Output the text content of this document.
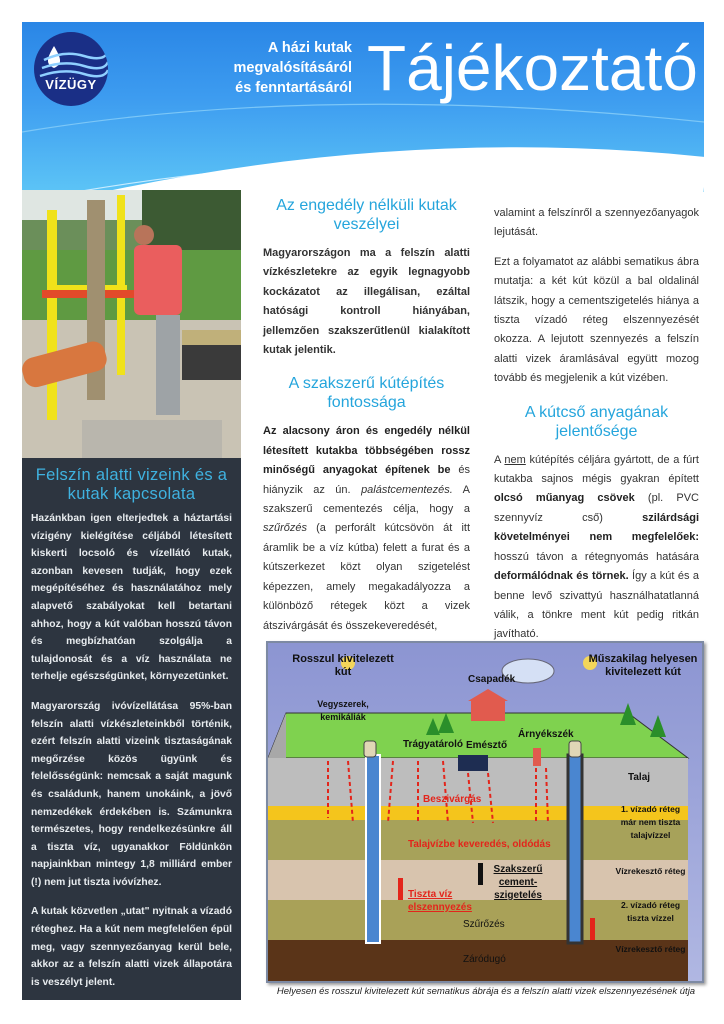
VÍZÜGY
A házi kutak
megvalósításáról
és fenntartásáról Tájékoztató
Felszín alatti vizeink és a kutak kapcsolata

Hazánkban igen elterjedtek a háztartási vízigény kielégítése céljából létesített kiskerti locsoló és vízellátó kutak, azonban kevesen tudják, hogy ezek megépítéséhez és használatához mely alapvető szabályokat kell betartani ahhoz, hogy a kút valóban hosszú távon és megbízhatóan szolgálja a tulajdonosát és a víz használata ne terhelje egészségünket, környezetünket.

Magyarország ivóvízellátása 95%-ban felszín alatti vízkészleteinkből történik, ezért felszín alatti vizeink tisztaságának megőrzése közös ügyünk és felelősségünk: nemcsak a saját magunk és családunk, hanem unokáink, a jövő nemzedékek érdekében is. Számunkra természetes, hogy rendelkezésünkre áll a tiszta víz, ugyanakkor Földünkön napjainkban mintegy 1,8 milliárd ember (!) nem jut tiszta ivóvízhez.

A kutak közvetlen „utat" nyitnak a vízadó réteghez. Ha a kút nem megfelelően épül meg, vagy szennyezőanyag kerül bele, akkor az a felszín alatti vizek állapotára is veszélyt jelent.

Az engedély nélküli kutak veszélyei

Magyarországon ma a felszín alatti vízkészletekre az egyik legnagyobb kockázatot az illegálisan, ezáltal hatósági kontroll hiányában, jellemzően szakszerűtlenül kialakított kutak jelentik.

A szakszerű kútépítés fontossága

Az alacsony áron és engedély nélkül létesített kutakba többségében rossz minőségű anyagokat építenek be és hiányzik az ún. palástcementezés. A szakszerű cementezés célja, hogy a szűrőzés (a perforált kútcsövön át itt áramlik be a víz kútba) felett a furat és a kútszerkezet közt olyan szigetelést képezzen, amely megakadályozza a különböző rétegek közt a vizek átszivárgását és összekeveredését,

valamint a felszínről a szennyezőanyagok lejutását.

Ezt a folyamatot az alábbi sematikus ábra mutatja: a két kút közül a bal oldalinál látszik, hogy a cementszigetelés hiánya a tiszta vízadó réteg elszennyezését okozza. A lejutott szennyezés a felszín alatti vizek áramlásával együtt mozog tovább és megjelenik a kút vizében.

A kútcső anyagának jelentősége

A nem kútépítés céljára gyártott, de a fúrt kutakba sajnos mégis gyakran épített olcsó műanyag csövek (pl. PVC szennyvíz cső) szilárdsági követelményei nem megfelelőek: hosszú távon a rétegnyomás hatására deformálódnak és törnek. Így a kút és a benne levő szivattyú használhatatlanná válik, a tönkre ment kút pedig ritkán javítható.

Rosszul kivitelezett kút
Műszakilag helyesen kivitelezett kút
Vegyszerek, kemikáliák
Trágyatároló
Csapadék
Emésztő
Árnyékszék
Talaj
1. vízadó réteg már nem tiszta talajvízzel
Vízrekesztő réteg
2. vízadó réteg tiszta vízzel
Vízrekesztő réteg
Szűrőzés
Záródugó
Szakszerű cement-szigetelés
Beszivárgás
Talajvízbe keveredés, oldódás
Tiszta víz elszennyezés
Helyesen és rosszul kivitelezett kút sematikus ábrája és a felszín alatti vizek elszennyezésének útja
